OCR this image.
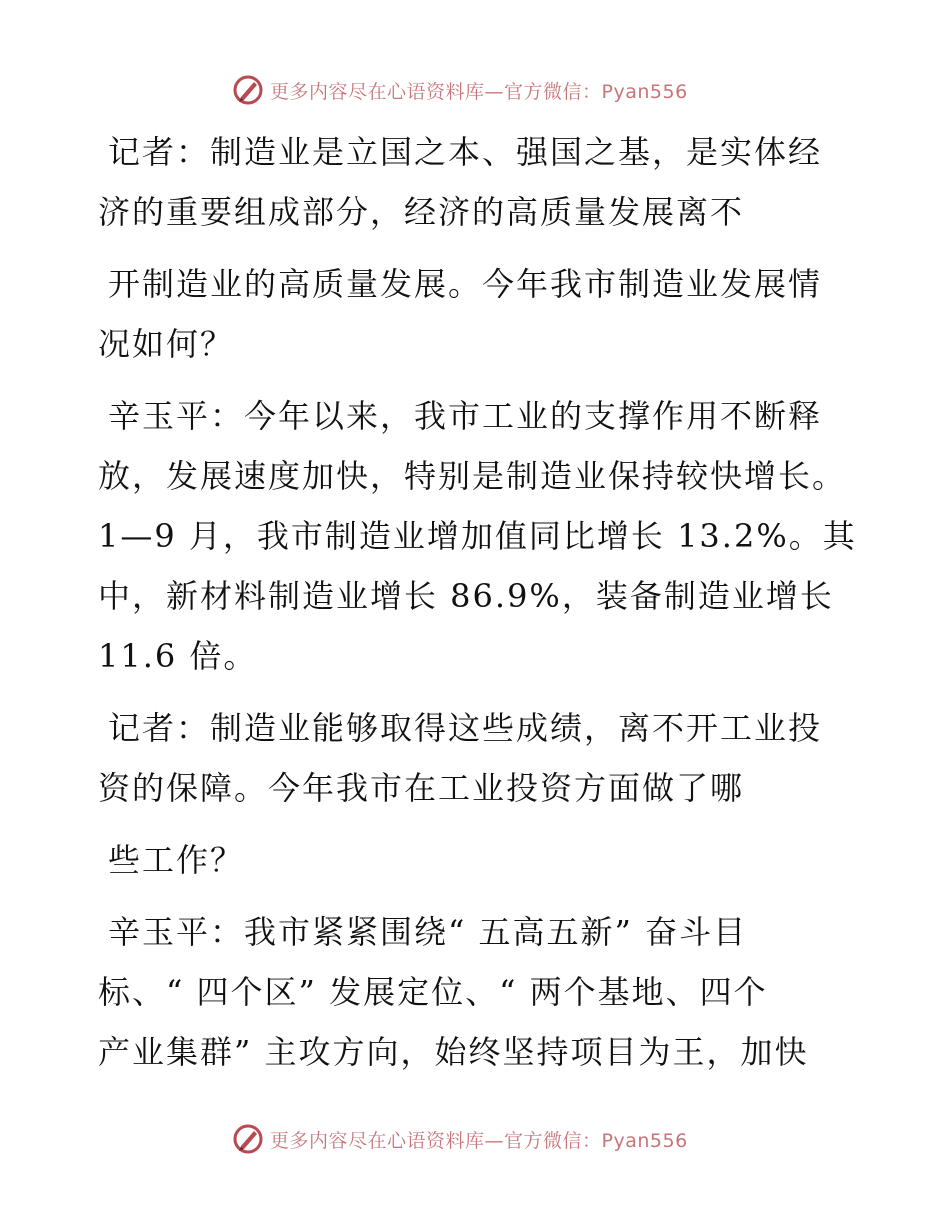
更多内容尽在心语资料库—官方微信：Pyan556
记者：制造业是立国之本、强国之基，是实体经
济的重要组成部分，经济的高质量发展离不
开制造业的高质量发展。今年我市制造业发展情
况如何？
辛玉平：今年以来，我市工业的支撑作用不断释
放，发展速度加快，特别是制造业保持较快增长。
1—9 月，我市制造业增加值同比增长 13.2%。其
中，新材料制造业增长 86.9%，装备制造业增长
11.6 倍。
记者：制造业能够取得这些成绩，离不开工业投
资的保障。今年我市在工业投资方面做了哪
些工作？
辛玉平：我市紧紧围绕“ 五高五新” 奋斗目
标、“ 四个区” 发展定位、“ 两个基地、四个
产业集群” 主攻方向，始终坚持项目为王，加快
更多内容尽在心语资料库—官方微信：Pyan556
